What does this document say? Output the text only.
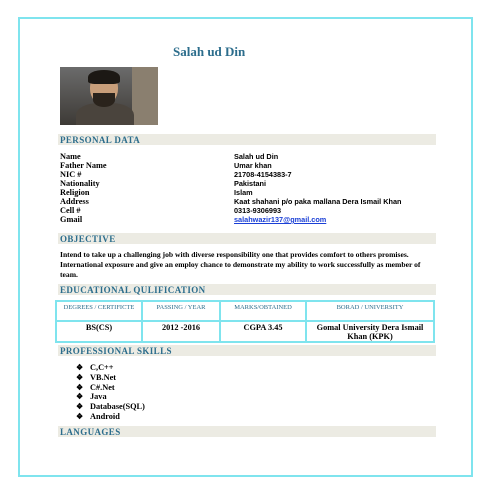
Salah ud Din
PERSONAL DATA
Name	Salah ud Din
Father Name	Umar khan
NIC #	21708-4154383-7
Nationality	Pakistani
Religion	Islam
Address	Kaat shahani p/o paka mallana Dera Ismail Khan
Cell #	0313-9306993
Gmail	salahwazir137@gmail.com
OBJECTIVE
Intend to take up a challenging job with diverse responsibility one that provides comfort to others promises. International exposure and give an employ chance to demonstrate my ability to work successfully as member of team.
EDUCATIONAL QULIFICATION
DEGREES / CERTIFICTE	PASSING / YEAR	MARKS/OBTAINED	BORAD / UNIVERSITY
BS(CS)	2012 -2016	CGPA 3.45	Gomal University Dera Ismail Khan (KPK)
PROFESSIONAL SKILLS
❖ C,C++
❖ VB.Net
❖ C#.Net
❖ Java
❖ Database(SQL)
❖ Android
LANGUAGES
